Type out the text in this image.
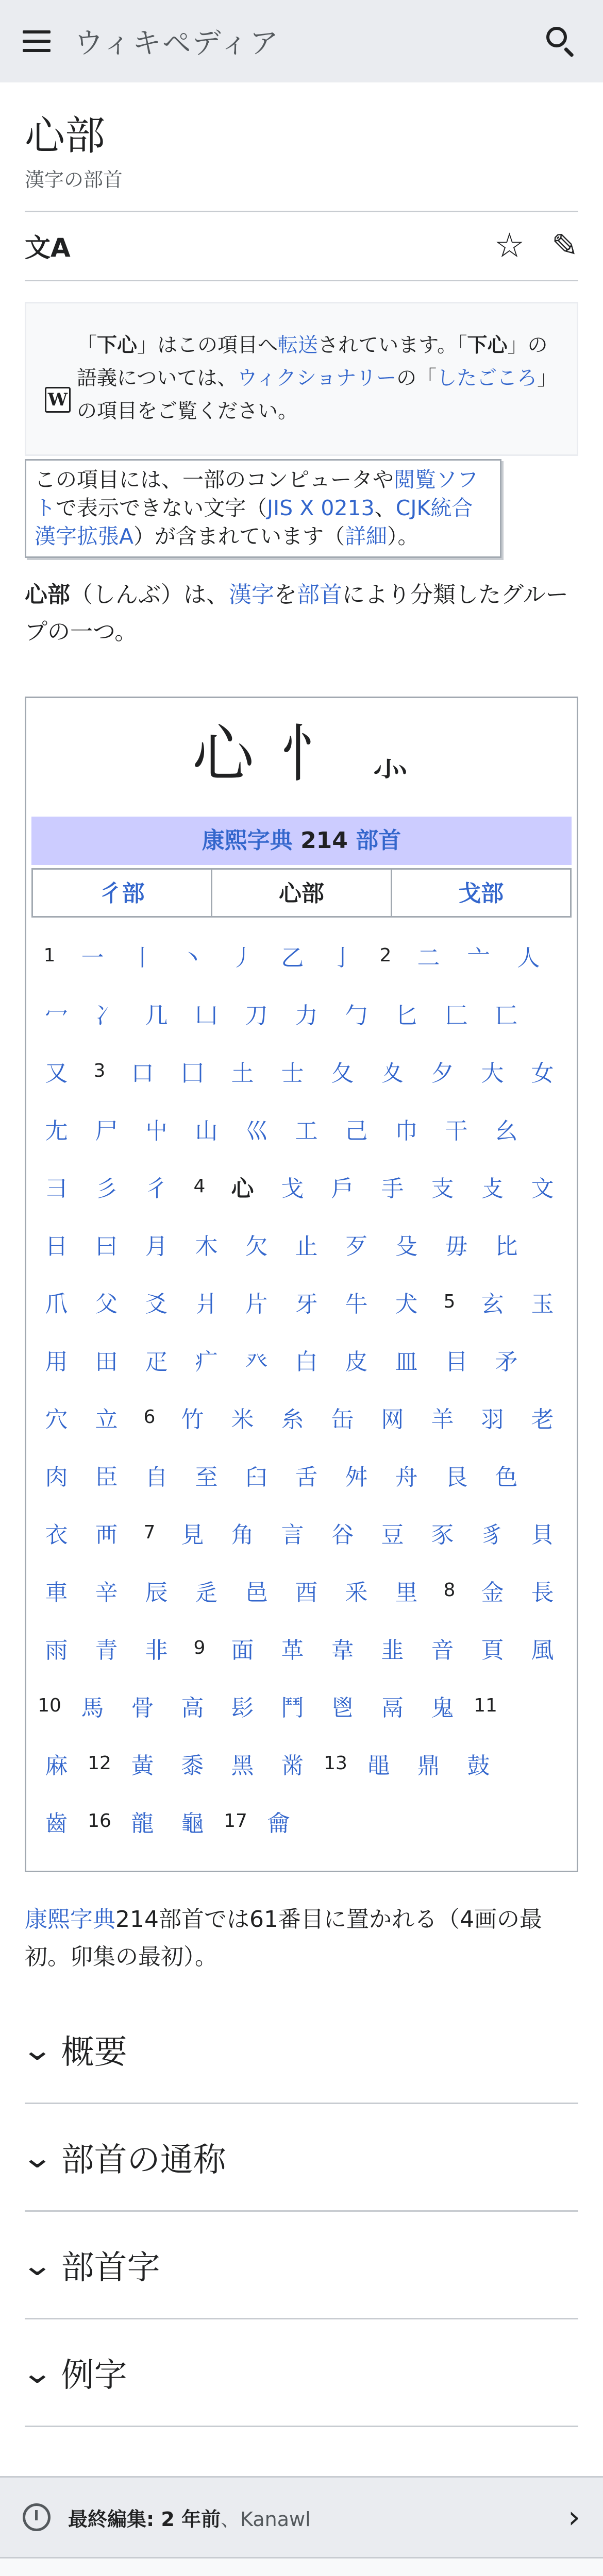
ウィキペディア
心部
漢字の部首
文A	☆ ✎
W
「下心」はこの項目へ転送されています。「下心」の語義については、ウィクショナリーの「したごころ」の項目をご覧ください。
この項目には、一部のコンピュータや閲覧ソフトで表示できない文字（JIS X 0213、CJK統合漢字拡張A）が含まれています（詳細）。

心部（しんぶ）は、漢字を部首により分類したグループの一つ。

心 忄 ⺗
康熙字典 214 部首
彳部	心部	戈部
1	一	丨	丶	丿	乙	亅	2	二	亠	人
冖	冫	几	凵	刀	力	勹	匕	匚	匸
又	3	口	囗	土	士	夂	夊	夕	大	女
尢	尸	屮	山	巛	工	己	巾	干	幺
彐	彡	彳	4	心	戈	戶	手	支	攴	文
日	曰	月	木	欠	止	歹	殳	毋	比
爪	父	爻	爿	片	牙	牛	犬	5	玄	玉
用	田	疋	疒	癶	白	皮	皿	目	矛
穴	立	6	竹	米	糸	缶	网	羊	羽	老
肉	臣	自	至	臼	舌	舛	舟	艮	色
衣	襾	7	見	角	言	谷	豆	豕	豸	貝
車	辛	辰	辵	邑	酉	釆	里	8	金	長
雨	青	非	9	面	革	韋	韭	音	頁	風
10 馬	骨	高	髟	鬥	鬯	鬲	鬼	11
麻	12 黃	黍	黑	黹	13 黽	鼎	鼓
齒	16 龍	龜	17 龠

康熙字典214部首では61番目に置かれる（4画の最初。卯集の最初）。

⌄ 概要
⌄ 部首の通称
⌄ 部首字
⌄ 例字
最終編集: 2 年前、Kanawl	›
